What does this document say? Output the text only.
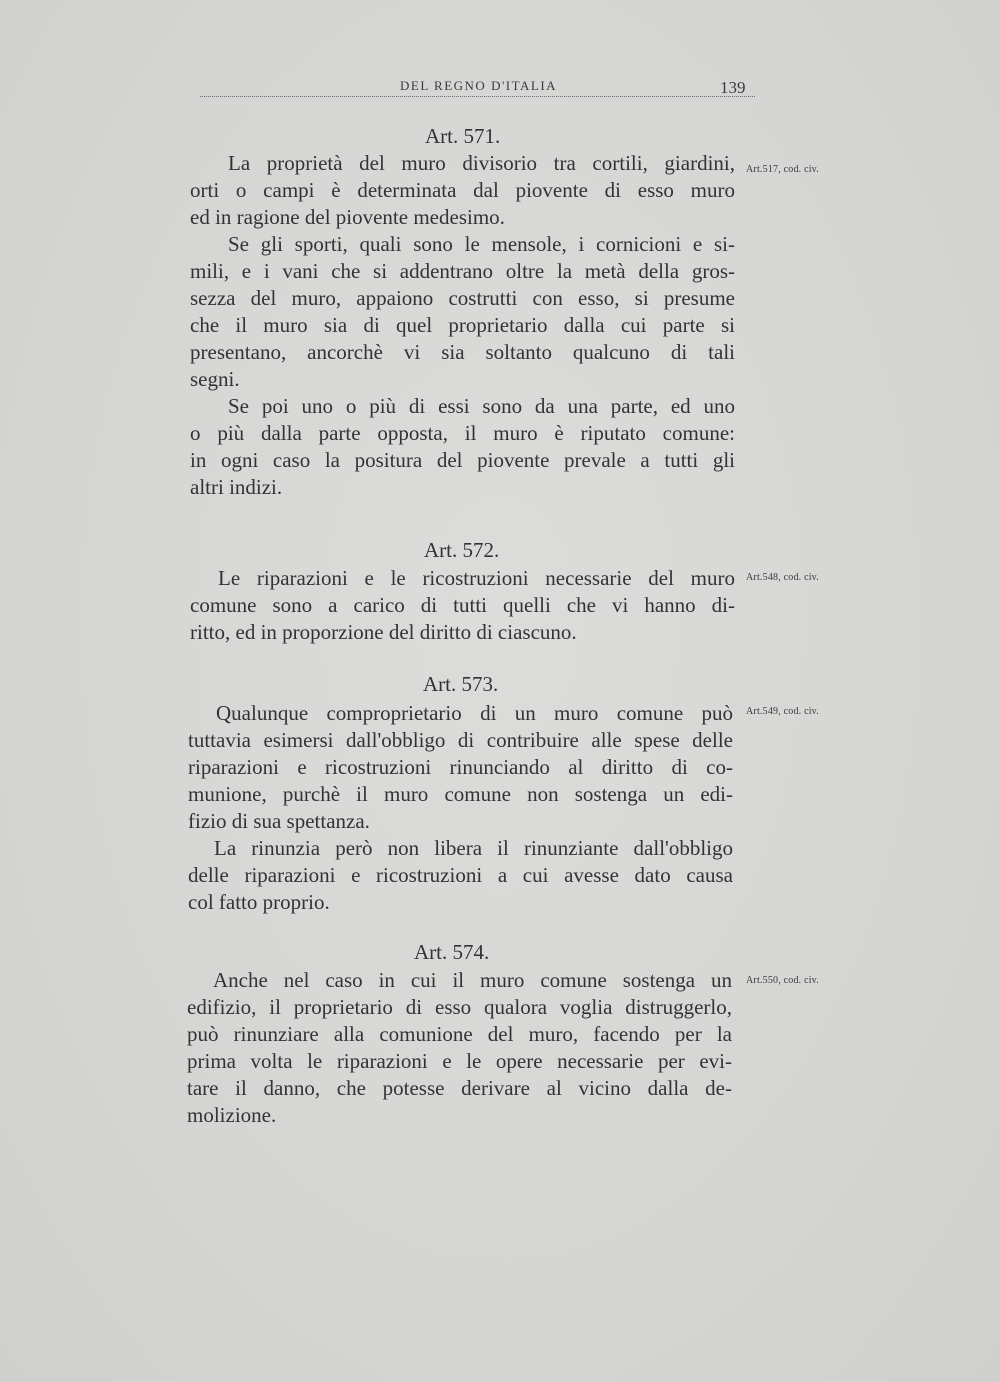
DEL REGNO D'ITALIA	139
Art. 571.
Art.517, cod. civ.
La proprietà del muro divisorio tra cortili, giardini,
orti o campi è determinata dal piovente di esso muro
ed in ragione del piovente medesimo.
Se gli sporti, quali sono le mensole, i cornicioni e si-
mili, e i vani che si addentrano oltre la metà della gros-
sezza del muro, appaiono costrutti con esso, si presume
che il muro sia di quel proprietario dalla cui parte si
presentano, ancorchè vi sia soltanto qualcuno di tali
segni.
Se poi uno o più di essi sono da una parte, ed uno
o più dalla parte opposta, il muro è riputato comune:
in ogni caso la positura del piovente prevale a tutti gli
altri indizi.
Art. 572.
Art.548, cod. civ.
Le riparazioni e le ricostruzioni necessarie del muro
comune sono a carico di tutti quelli che vi hanno di-
ritto, ed in proporzione del diritto di ciascuno.
Art. 573.
Art.549, cod. civ.
Qualunque comproprietario di un muro comune può
tuttavia esimersi dall'obbligo di contribuire alle spese delle
riparazioni e ricostruzioni rinunciando al diritto di co-
munione, purchè il muro comune non sostenga un edi-
fizio di sua spettanza.
La rinunzia però non libera il rinunziante dall'obbligo
delle riparazioni e ricostruzioni a cui avesse dato causa
col fatto proprio.
Art. 574.
Art.550, cod. civ.
Anche nel caso in cui il muro comune sostenga un
edifizio, il proprietario di esso qualora voglia distruggerlo,
può rinunziare alla comunione del muro, facendo per la
prima volta le riparazioni e le opere necessarie per evi-
tare il danno, che potesse derivare al vicino dalla de-
molizione.
